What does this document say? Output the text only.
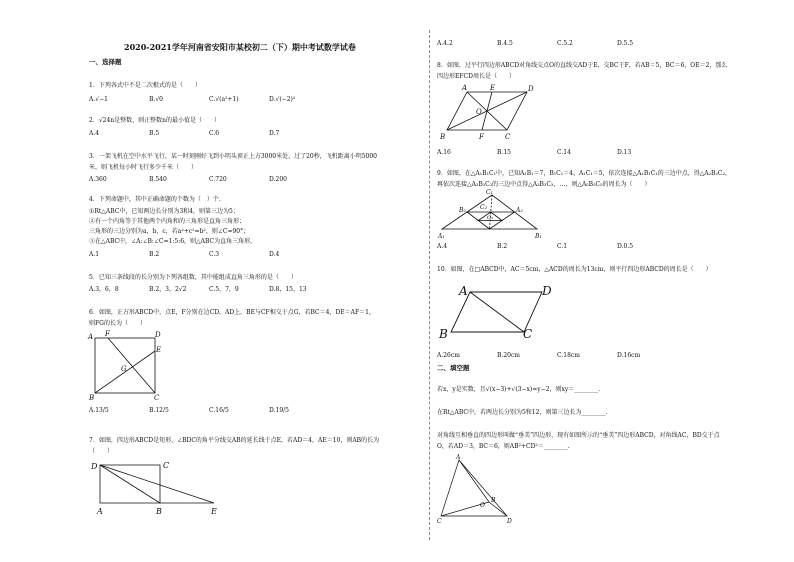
2020-2021学年河南省安阳市某校初二（下）期中考试数学试卷
一、选择题
1．下列各式中不是二次根式的是（　　）
A.√−1	B.√0	C.√(a²+1)	D.√(−2)²
2．√24n是整数，则正整数n的最小值是（　　）
A.4	B.5	C.6	D.7
3．一架飞机在空中水平飞行，某一时刻刚好飞到小明头顶正上方3000米处，过了20秒，飞机距离小明5000
米，则飞机每小时飞行多少千米（　　）
A.360	B.540	C.720	D.200
4．下列命题中，其中正确命题的个数为（　）个.
①Rt△ABC中，已知两边长分别为3和4，则第三边为5；
②有一个内角等于其他两个内角和的三角形是直角三角形；
三角形的三边分别为a，b，c，若a²+c²=b²，则∠C=90°；
③在△ABC中，∠A:∠B:∠C=1:5:6，则△ABC为直角三角形。
A.1	B.2	C.3	D.4
5．已知三条线段的长分别为下列各组数，其中能组成直角三角形的是（　　）
A.3，6，8	B.2，3，2√2	C.5，7，9	D.8，15，13
6．如图，正方形ABCD中，点E，F分别在边CD，AD上，BE与CF相交于点G，若BC＝4，DE＝AF＝1，
则FG的长为（　　）
A F	D
E
G
B	C
A.13/5	B.12/5	C.16/5	D.19/5
7．如图，四边形ABCD是矩形，∠BDC的角平分线交AB的延长线于点E，若AD＝4，AE＝10，则AB的长为
（　　）
D	C
A	B	E
A.4.2	B.4.5	C.5.2	D.5.5
8．如图，过平行四边形ABCD对角线交点O的直线交AD于E，交BC于F，若AB＝5，BC＝6，OE＝2，那么
四边形EFCD周长是（　　）
A	E	D
O
B	F	C
A.16	B.15	C.14	D.13
9．如图，在△A₁B₁C₁中，已知A₁B₁＝7，B₁C₁＝4，A₁C₁＝5，依次连接△A₁B₁C₁的三边中点，得△A₂B₂C₂，
再依次连接△A₂B₂C₂的三边中点得△A₃B₃C₃，…，则△A₅B₅C₅的周长为（　　）
C₁
C₂
B₂	A₂
C₃
A₁	B₁
A.4	B.2	C.1	D.0.5
10．如图，在□ABCD中，AC＝5cm，△ACD的周长为13cm，则平行四边形ABCD的周长是（　　）
A	D
B	C
A.26cm	B.20cm	C.18cm	D.16cm
二、填空题
若x，y是实数，且√(x−3)+√(3−x)=y−2，则xy＝________.
在Rt△ABC中，若两边长分别为5和12，则第三边长为________.
对角线互相垂直的四边形叫做“垂美”四边形，现有如图所示的“垂美”四边形ABCD，对角线AC，BD交于点
O，若AD＝3，BC＝6，则AB²+CD²＝________.
A
B
O
C	D
